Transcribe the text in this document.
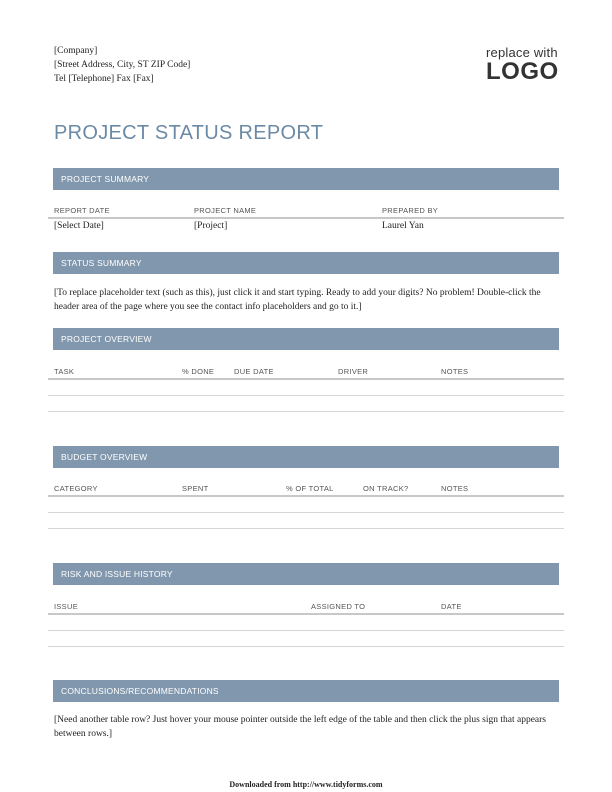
[Company]
[Street Address, City, ST ZIP Code]
Tel [Telephone] Fax [Fax]
replace with
LOGO
PROJECT STATUS REPORT
PROJECT SUMMARY
REPORT DATE	PROJECT NAME	PREPARED BY
[Select Date]	[Project]	Laurel Yan
STATUS SUMMARY
[To replace placeholder text (such as this), just click it and start typing. Ready to add your digits? No problem! Double-click the header area of the page where you see the contact info placeholders and go to it.]
PROJECT OVERVIEW
TASK	% DONE	DUE DATE	DRIVER	NOTES
BUDGET OVERVIEW
CATEGORY	SPENT	% OF TOTAL	ON TRACK?	NOTES
RISK AND ISSUE HISTORY
ISSUE	ASSIGNED TO	DATE
CONCLUSIONS/RECOMMENDATIONS
[Need another table row? Just hover your mouse pointer outside the left edge of the table and then click the plus sign that appears between rows.]
Downloaded from http://www.tidyforms.com
